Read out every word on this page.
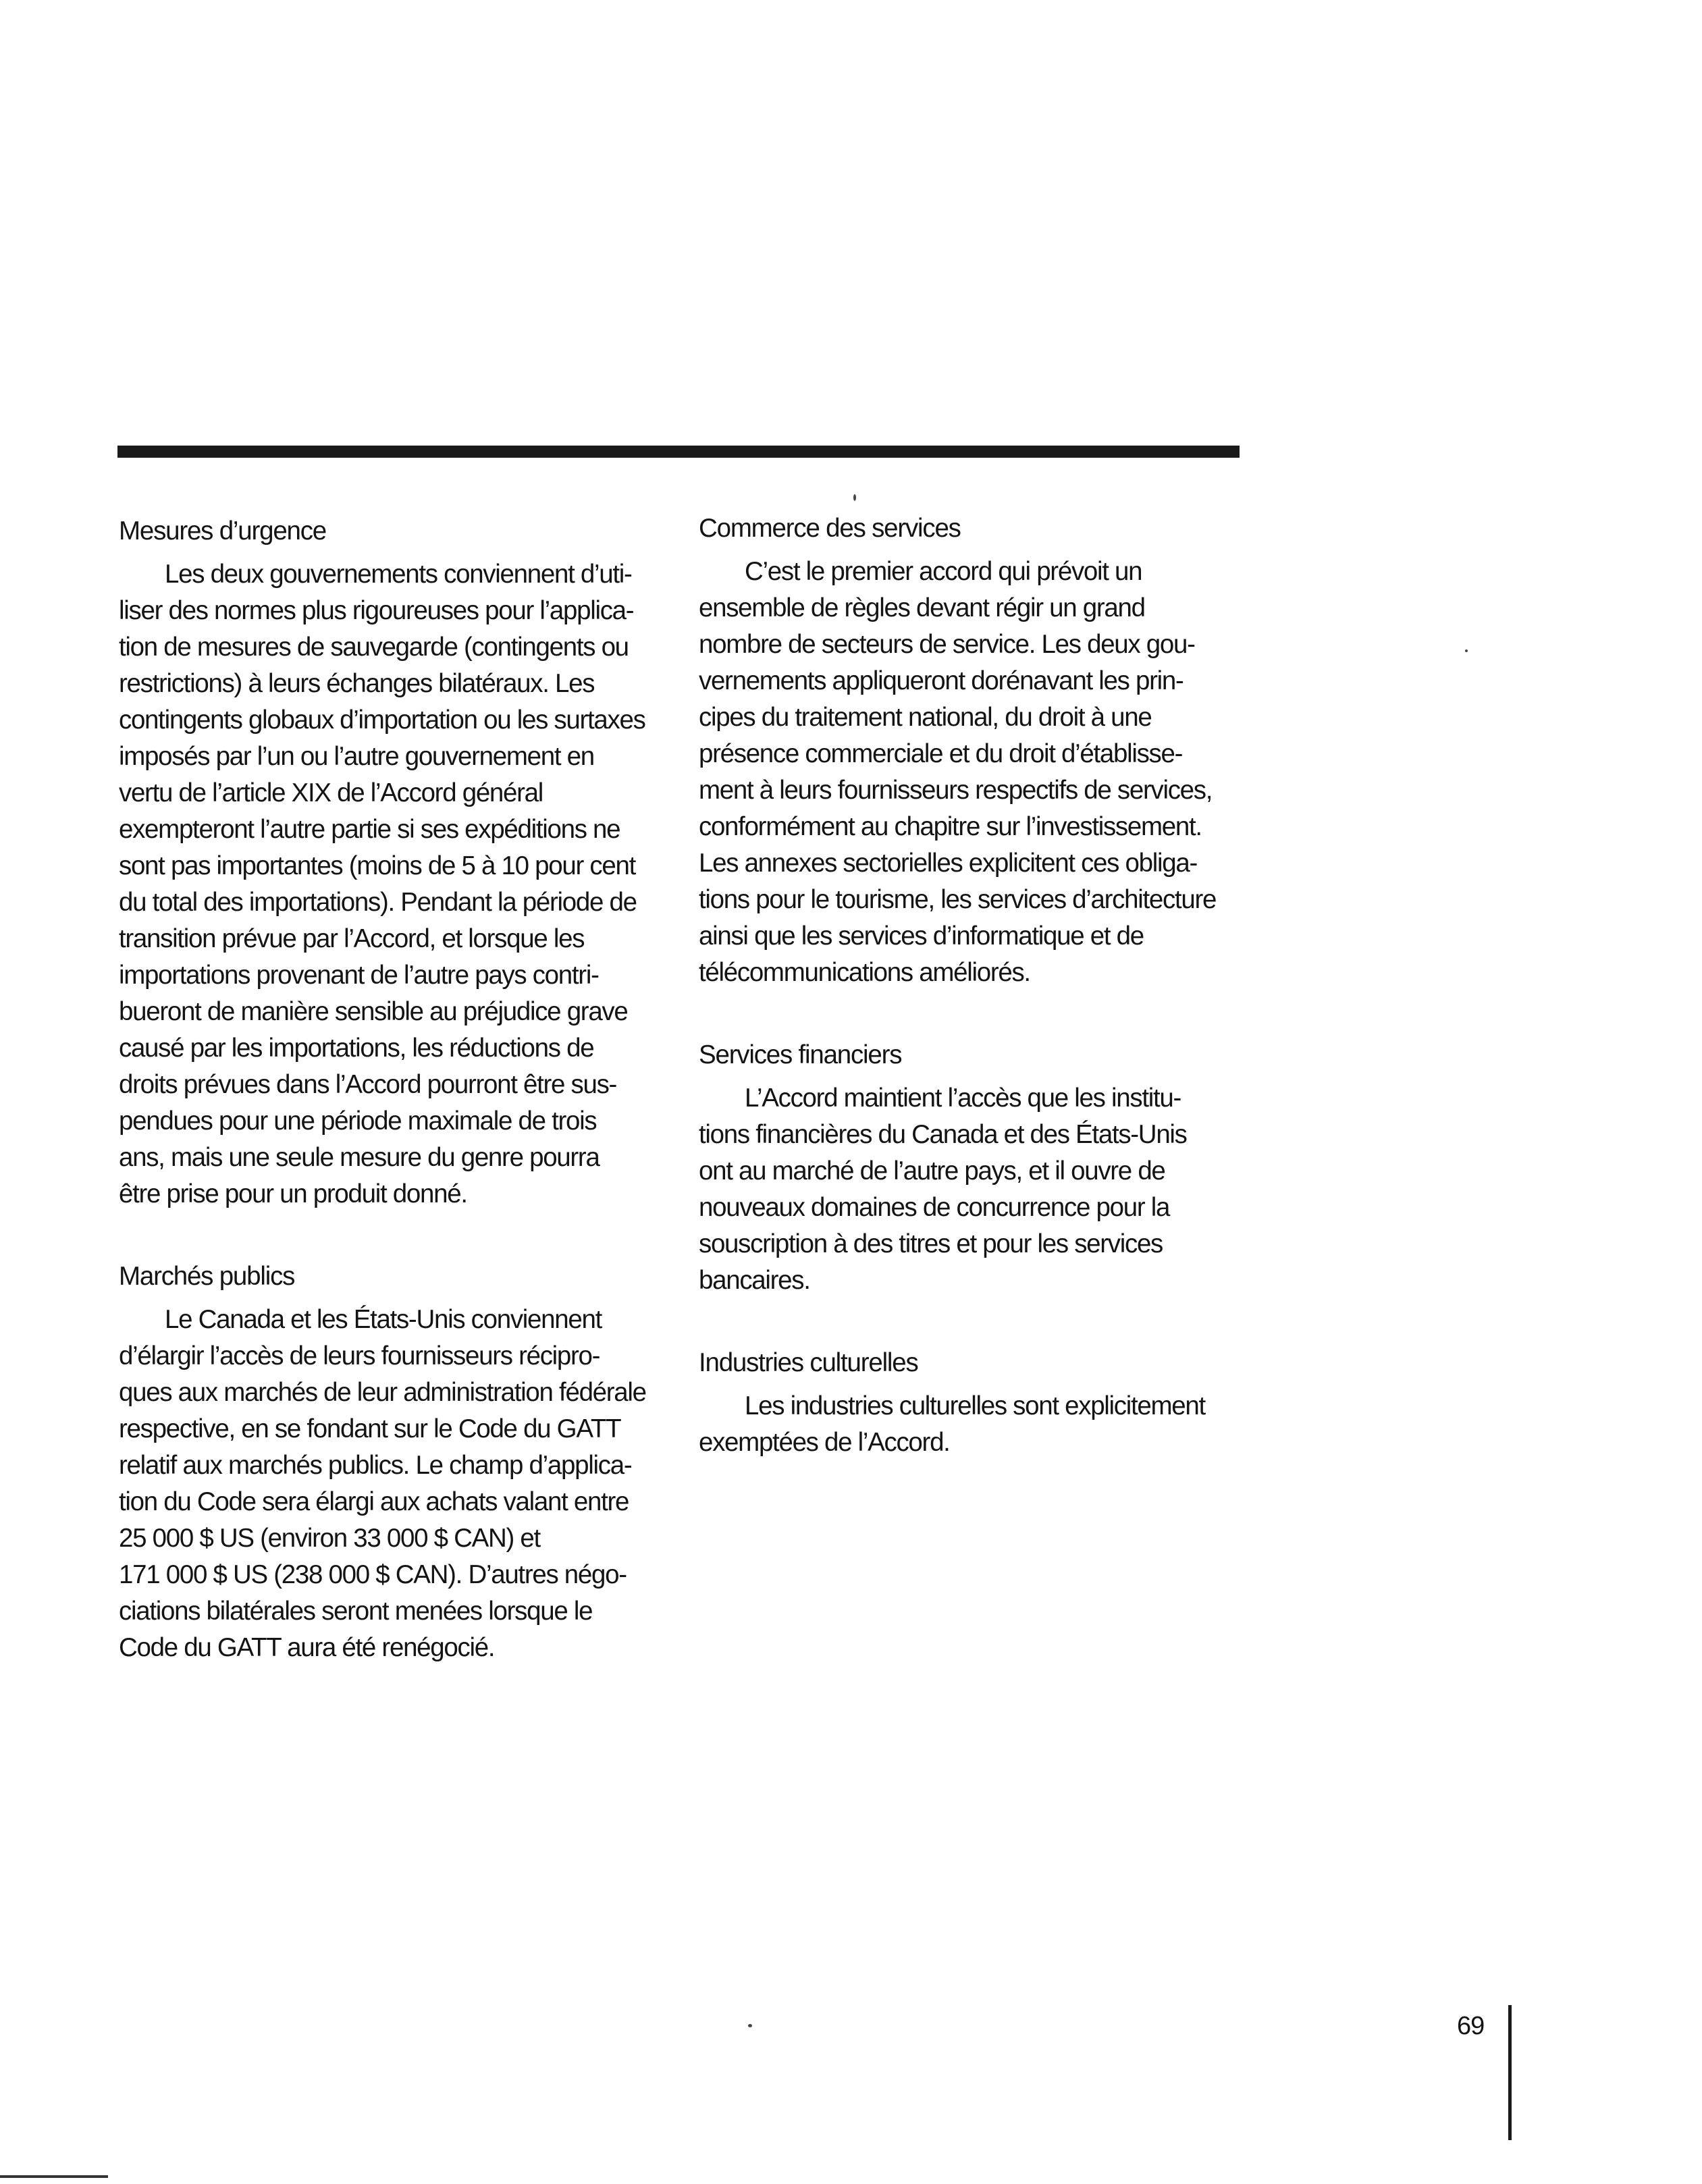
Mesures d’urgence
Les deux gouvernements conviennent d’uti-
liser des normes plus rigoureuses pour l’applica-
tion de mesures de sauvegarde (contingents ou
restrictions) à leurs échanges bilatéraux. Les
contingents globaux d’importation ou les surtaxes
imposés par l’un ou l’autre gouvernement en
vertu de l’article XIX de l’Accord général
exempteront l’autre partie si ses expéditions ne
sont pas importantes (moins de 5 à 10 pour cent
du total des importations). Pendant la période de
transition prévue par l’Accord, et lorsque les
importations provenant de l’autre pays contri-
bueront de manière sensible au préjudice grave
causé par les importations, les réductions de
droits prévues dans l’Accord pourront être sus-
pendues pour une période maximale de trois
ans, mais une seule mesure du genre pourra
être prise pour un produit donné.
Marchés publics
Le Canada et les États-Unis conviennent
d’élargir l’accès de leurs fournisseurs récipro-
ques aux marchés de leur administration fédérale
respective, en se fondant sur le Code du GATT
relatif aux marchés publics. Le champ d’applica-
tion du Code sera élargi aux achats valant entre
25 000 $ US (environ 33 000 $ CAN) et
171 000 $ US (238 000 $ CAN). D’autres négo-
ciations bilatérales seront menées lorsque le
Code du GATT aura été renégocié.
Commerce des services
C’est le premier accord qui prévoit un
ensemble de règles devant régir un grand
nombre de secteurs de service. Les deux gou-
vernements appliqueront dorénavant les prin-
cipes du traitement national, du droit à une
présence commerciale et du droit d’établisse-
ment à leurs fournisseurs respectifs de services,
conformément au chapitre sur l’investissement.
Les annexes sectorielles explicitent ces obliga-
tions pour le tourisme, les services d’architecture
ainsi que les services d’informatique et de
télécommunications améliorés.
Services financiers
L’Accord maintient l’accès que les institu-
tions financières du Canada et des États-Unis
ont au marché de l’autre pays, et il ouvre de
nouveaux domaines de concurrence pour la
souscription à des titres et pour les services
bancaires.
Industries culturelles
Les industries culturelles sont explicitement
exemptées de l’Accord.
69
